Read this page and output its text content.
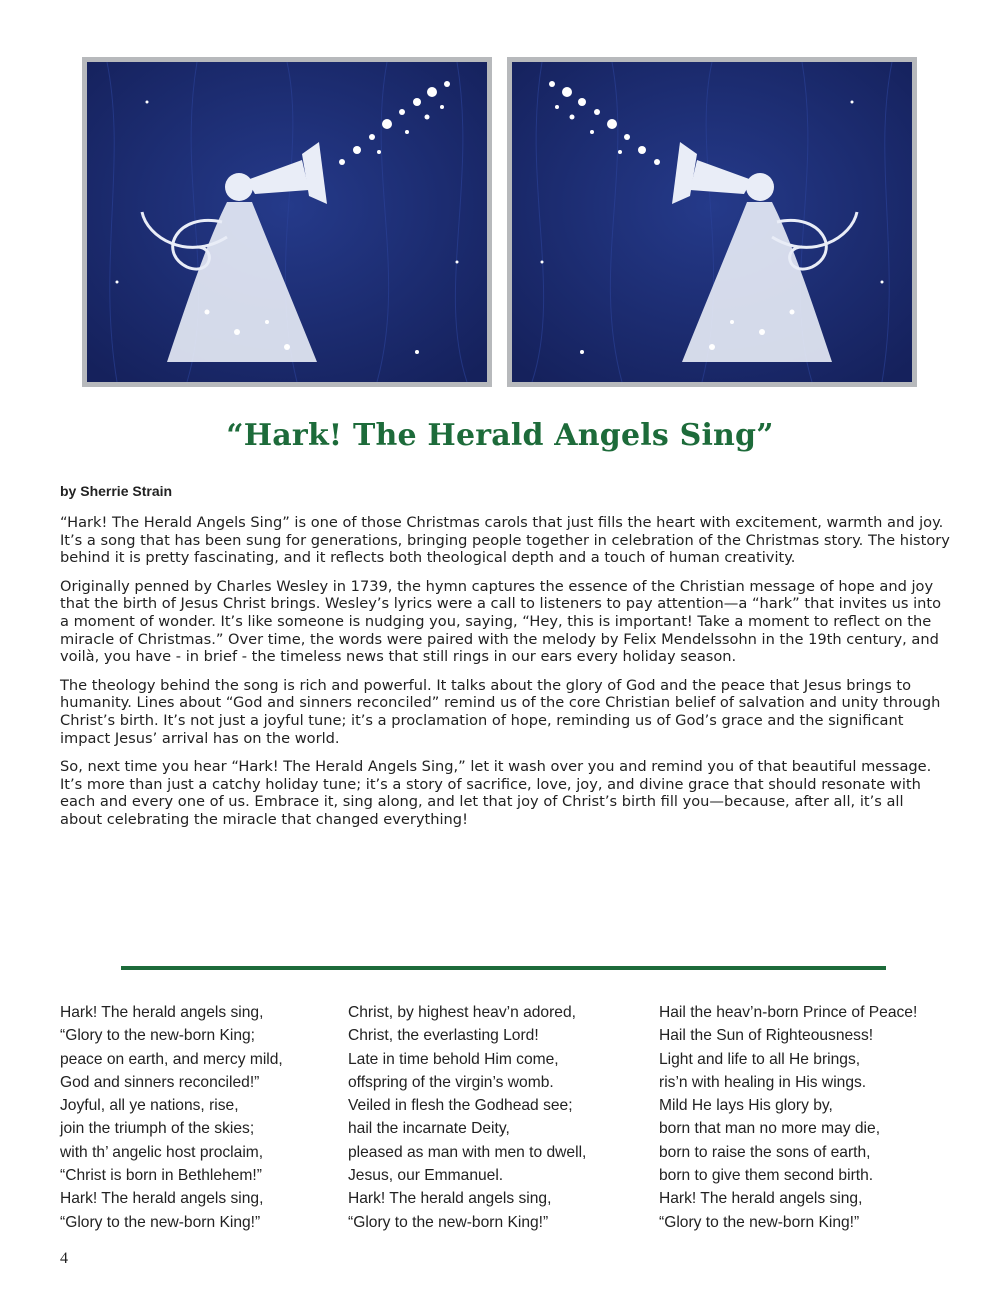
“Hark! The Herald Angels Sing”
by Sherrie Strain

“Hark! The Herald Angels Sing” is one of those Christmas carols that just fills the heart with excitement, warmth and joy. It’s a song that has been sung for generations, bringing people together in celebration of the Christmas story. The history behind it is pretty fascinating, and it reflects both theological depth and a touch of human creativity.

Originally penned by Charles Wesley in 1739, the hymn captures the essence of the Christian message of hope and joy that the birth of Jesus Christ brings. Wesley’s lyrics were a call to listeners to pay attention—a “hark” that invites us into a moment of wonder. It’s like someone is nudging you, saying, “Hey, this is important! Take a moment to reflect on the miracle of Christmas.” Over time, the words were paired with the melody by Felix Mendelssohn in the 19th century, and voilà, you have - in brief - the timeless news that still rings in our ears every holiday season.

The theology behind the song is rich and powerful. It talks about the glory of God and the peace that Jesus brings to humanity. Lines about “God and sinners reconciled” remind us of the core Christian belief of salvation and unity through Christ’s birth. It’s not just a joyful tune; it’s a proclamation of hope, reminding us of God’s grace and the significant impact Jesus’ arrival has on the world.

So, next time you hear “Hark! The Herald Angels Sing,” let it wash over you and remind you of that beautiful message. It’s more than just a catchy holiday tune; it’s a story of sacrifice, love, joy, and divine grace that should resonate with each and every one of us. Embrace it, sing along, and let that joy of Christ’s birth fill you—because, after all, it’s all about celebrating the miracle that changed everything!

Hark! The herald angels sing,
“Glory to the new-born King;
peace on earth, and mercy mild,
God and sinners reconciled!”
Joyful, all ye nations, rise,
join the triumph of the skies;
with th’ angelic host proclaim,
“Christ is born in Bethlehem!”
Hark! The herald angels sing,
“Glory to the new-born King!”
Christ, by highest heav’n adored,
Christ, the everlasting Lord!
Late in time behold Him come,
offspring of the virgin’s womb.
Veiled in flesh the Godhead see;
hail the incarnate Deity,
pleased as man with men to dwell,
Jesus, our Emmanuel.
Hark! The herald angels sing,
“Glory to the new-born King!”
Hail the heav’n-born Prince of Peace!
Hail the Sun of Righteousness!
Light and life to all He brings,
ris’n with healing in His wings.
Mild He lays His glory by,
born that man no more may die,
born to raise the sons of earth,
born to give them second birth.
Hark! The herald angels sing,
“Glory to the new-born King!”
4
